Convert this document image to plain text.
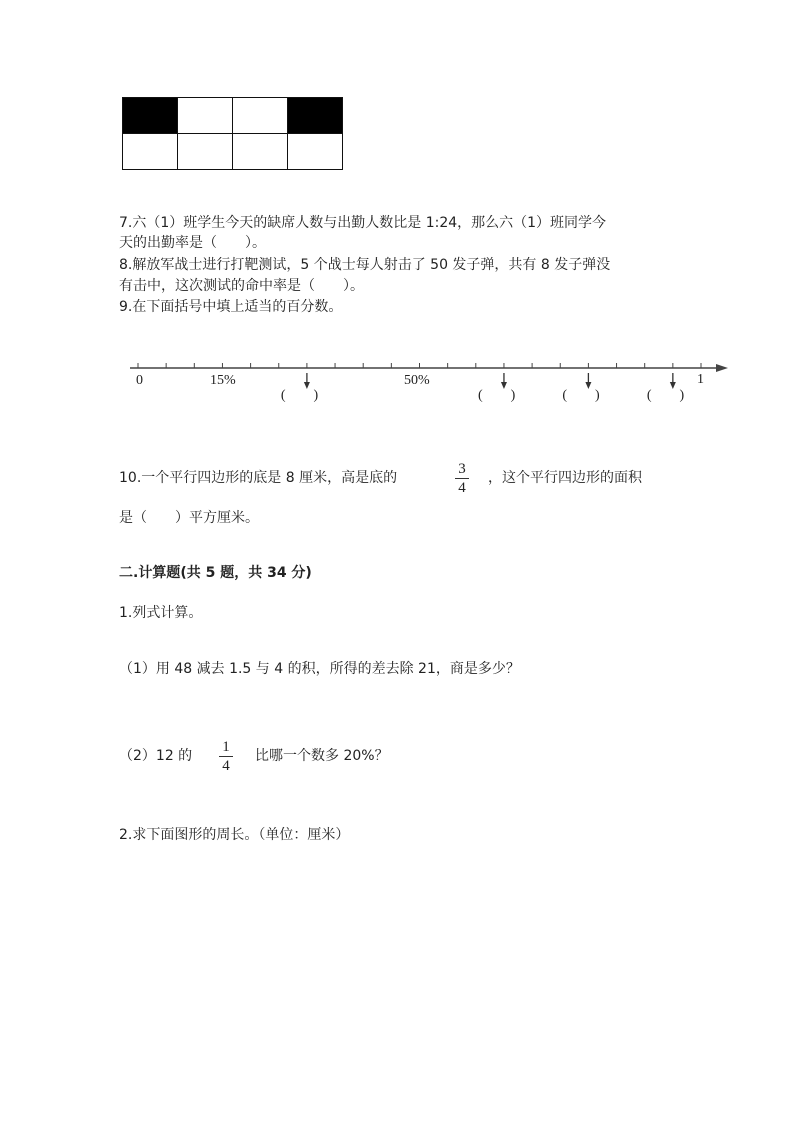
7.六（1）班学生今天的缺席人数与出勤人数比是 1:24，那么六（1）班同学今
天的出勤率是（　　）。
8.解放军战士进行打靶测试，5 个战士每人射击了 50 发子弹，共有 8 发子弹没
有击中，这次测试的命中率是（　　）。
9.在下面括号中填上适当的百分数。
0	15%	50%	1
(　　)	(　　)	(　　)	(　　)
10.一个平行四边形的底是 8 厘米，高是底的
3
4
，这个平行四边形的面积
是（　　）平方厘米。
二.计算题(共 5 题，共 34 分)
1.列式计算。
（1）用 48 减去 1.5 与 4 的积，所得的差去除 21，商是多少？
（2）12 的
1
4
比哪一个数多 20%？
2.求下面图形的周长。（单位：厘米）
